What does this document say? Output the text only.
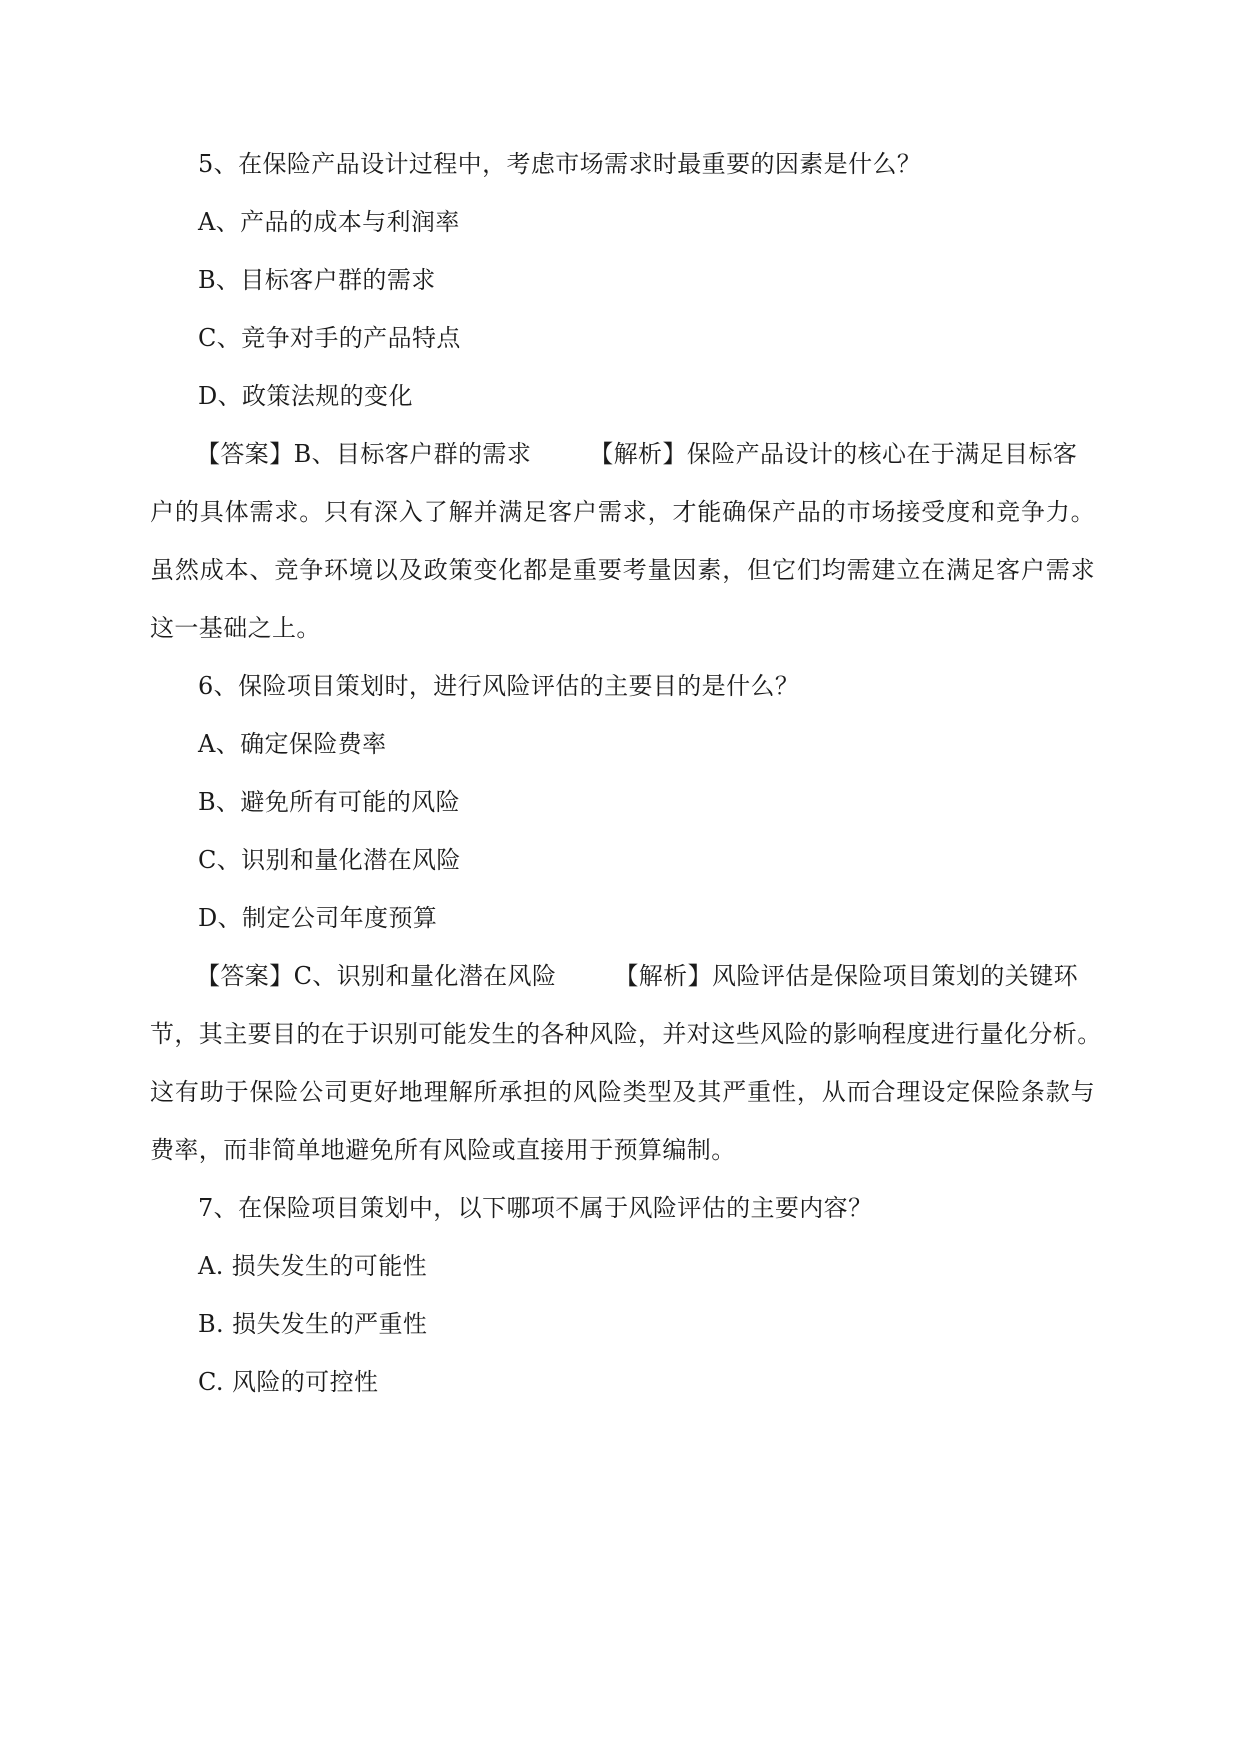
5、在保险产品设计过程中，考虑市场需求时最重要的因素是什么？
A、产品的成本与利润率
B、目标客户群的需求
C、竞争对手的产品特点
D、政策法规的变化
【答案】B、目标客户群的需求 【解析】保险产品设计的核心在于满足目标客
户的具体需求。只有深入了解并满足客户需求，才能确保产品的市场接受度和竞争力。
虽然成本、竞争环境以及政策变化都是重要考量因素，但它们均需建立在满足客户需求
这一基础之上。
6、保险项目策划时，进行风险评估的主要目的是什么？
A、确定保险费率
B、避免所有可能的风险
C、识别和量化潜在风险
D、制定公司年度预算
【答案】C、识别和量化潜在风险 【解析】风险评估是保险项目策划的关键环
节，其主要目的在于识别可能发生的各种风险，并对这些风险的影响程度进行量化分析。
这有助于保险公司更好地理解所承担的风险类型及其严重性，从而合理设定保险条款与
费率，而非简单地避免所有风险或直接用于预算编制。
7、在保险项目策划中，以下哪项不属于风险评估的主要内容？
A. 损失发生的可能性
B. 损失发生的严重性
C. 风险的可控性
